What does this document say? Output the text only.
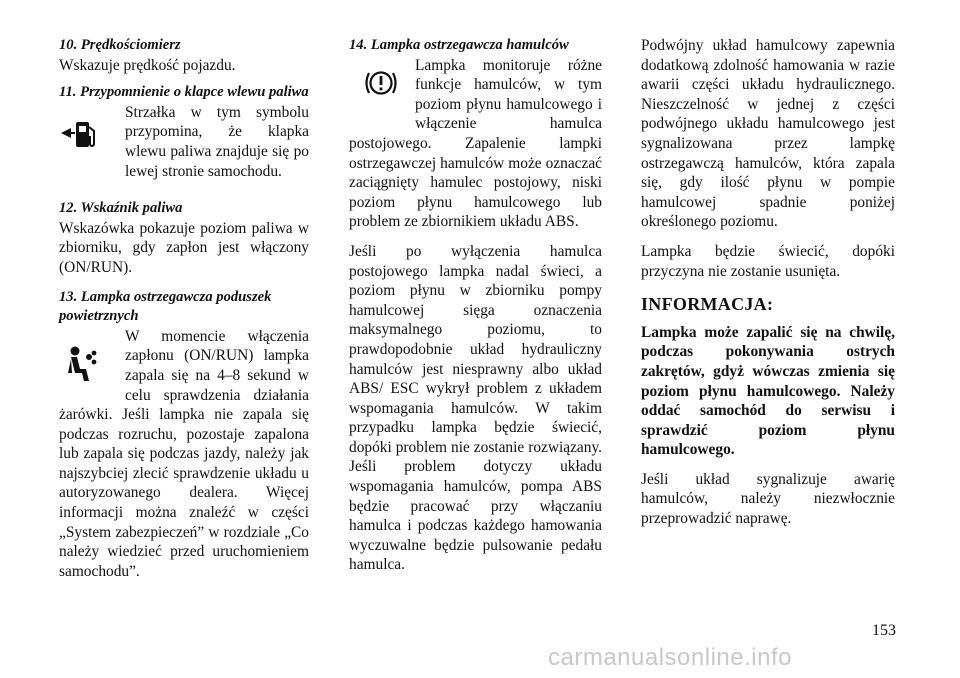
10. Prędkościomierz

Wskazuje prędkość pojazdu.

11. Przypomnienie o klapce wlewu paliwa

Strzałka w tym symbolu przypomina, że klapka wlewu paliwa znajduje się po lewej stronie samochodu.

12. Wskaźnik paliwa

Wskazówka pokazuje poziom paliwa w zbiorniku, gdy zapłon jest włączony (ON/RUN).

13. Lampka ostrzegawcza poduszek powietrznych

W momencie włączenia zapłonu (ON/RUN) lampka zapala się na 4–8 sekund w celu sprawdzenia działania żarówki. Jeśli lampka nie zapala się podczas rozruchu, pozostaje zapalona lub zapala się podczas jazdy, należy jak najszybciej zlecić sprawdzenie układu u autoryzowanego dealera. Więcej informacji można znaleźć w części „System zabezpieczeń” w rozdziale „Co należy wiedzieć przed uruchomieniem samochodu”.

14. Lampka ostrzegawcza hamulców

Lampka monitoruje różne funkcje hamulców, w tym poziom płynu hamulcowego i włączenie hamulca postojowego. Zapalenie lampki ostrzegawczej hamulców może oznaczać zaciągnięty hamulec postojowy, niski poziom płynu hamulcowego lub problem ze zbiornikiem układu ABS.

Jeśli po wyłączenia hamulca postojowego lampka nadal świeci, a poziom płynu w zbiorniku pompy hamulcowej sięga oznaczenia maksymalnego poziomu, to prawdopodobnie układ hydrauliczny hamulców jest niesprawny albo układ ABS/ ESC wykrył problem z układem wspomagania hamulców. W takim przypadku lampka będzie świecić, dopóki problem nie zostanie rozwiązany. Jeśli problem dotyczy układu wspomagania hamulców, pompa ABS będzie pracować przy włączaniu hamulca i podczas każdego hamowania wyczuwalne będzie pulsowanie pedału hamulca.

Podwójny układ hamulcowy zapewnia dodatkową zdolność hamowania w razie awarii części układu hydraulicznego. Nieszczelność w jednej z części podwójnego układu hamulcowego jest sygnalizowana przez lampkę ostrzegawczą hamulców, która zapala się, gdy ilość płynu w pompie hamulcowej spadnie poniżej określonego poziomu.

Lampka będzie świecić, dopóki przyczyna nie zostanie usunięta.

INFORMACJA:

Lampka może zapalić się na chwilę, podczas pokonywania ostrych zakrętów, gdyż wówczas zmienia się poziom płynu hamulcowego. Należy oddać samochód do serwisu i sprawdzić poziom płynu hamulcowego.

Jeśli układ sygnalizuje awarię hamulców, należy niezwłocznie przeprowadzić naprawę.

153
carmanualsonline.info
